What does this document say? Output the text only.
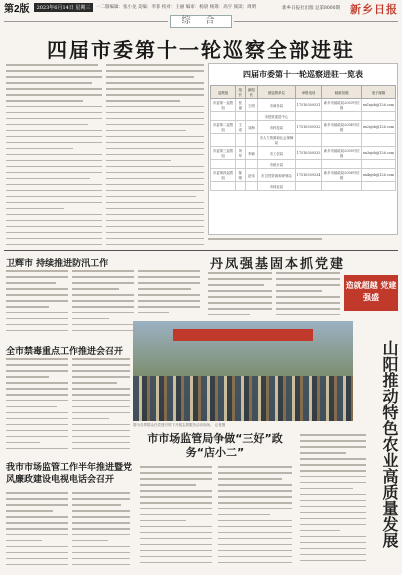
第2版	2023年6月14日 星期三	一二版编辑：张小龙 美编：李菲 校对：王丽 编审：杨晨 统筹：高宇 阅读：周明	新乡日报社出版 总第8000期 新乡日报
综 合
四届市委第十一轮巡察全部进驻
四届市委第十一轮巡察进驻一览表
巡察组	组长	副组长	被巡察单位	举报电话	邮政信箱	电子邮箱
市委第一巡察组	张丽	王明	市商务局	17516309331	新乡市邮政局2053号信箱	xx1xjsb@126.com
			市投资促进中心			
市委第二巡察组	王成	刘海	市科技局	17516309332	新乡市邮政局2054号信箱	xx2xjsb@126.com
			市人力资源和社会保障局			
市委第三巡察组	刘军	李颖	市工信局	17516309333	新乡市邮政局2055号信箱	xx3xjsb@126.com
			市统计局			
市委第四巡察组	陈刚	赵伟	市自然资源和规划局	17516309334	新乡市邮政局2056号信箱	xx4xjsb@126.com
			市林业局			
卫辉市 持续推进防汛工作	丹凤强基固本抓党建
造就超越 党建强盛
全市禁毒重点工作推进会召开
图为各界群众在党建引领下开展志愿服务活动现场。 记者摄	山阳推动特色农业高质量发展
我市市场监管工作半年推进暨党风廉政建设电视电话会召开
市市场监管局争做“三好”政务“店小二”
